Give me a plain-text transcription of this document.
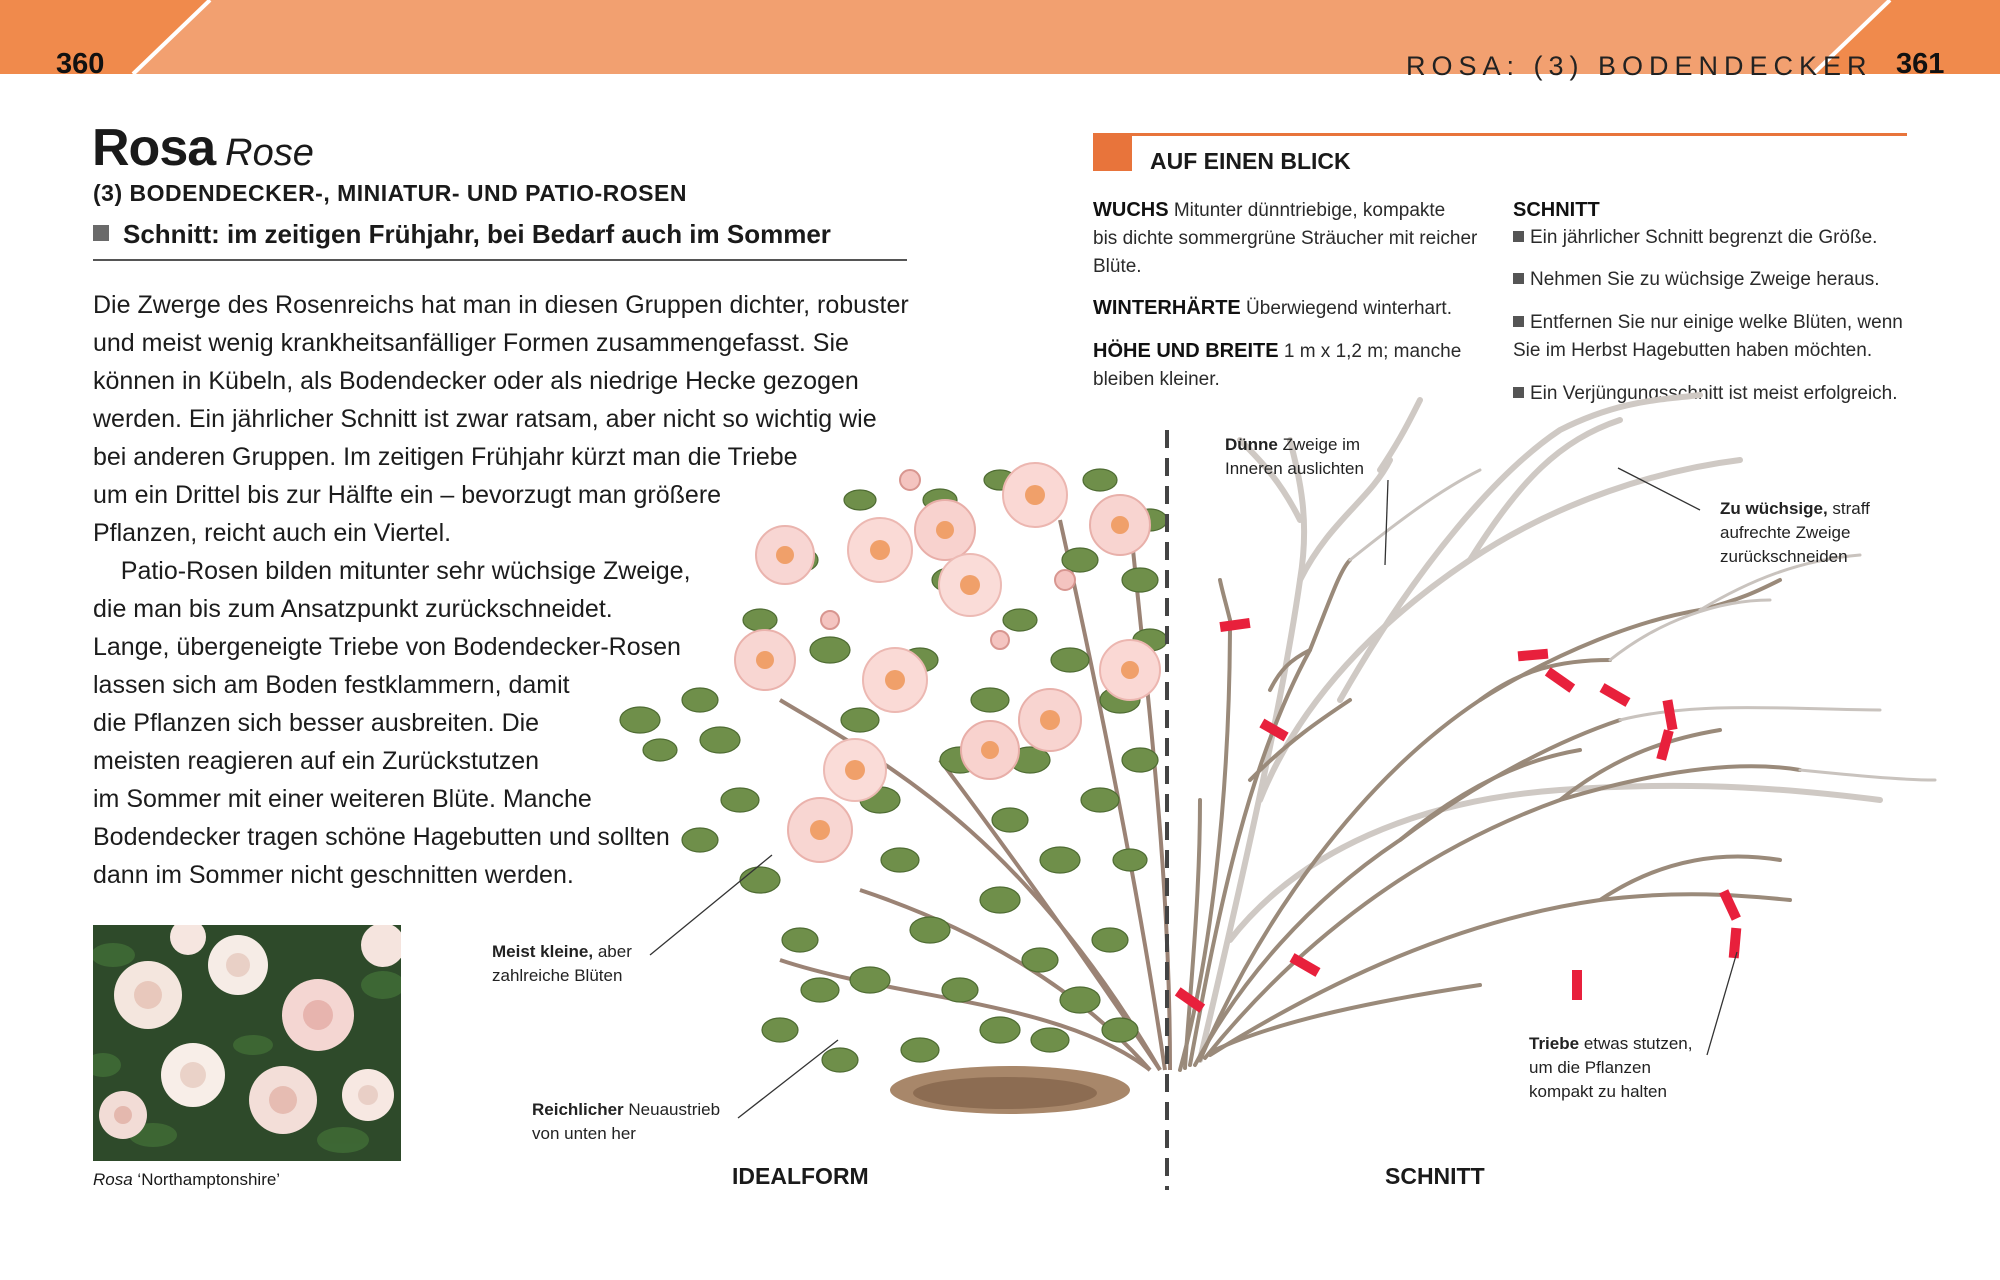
360	ROSA: (3) BODENDECKER 361
Rosa Rose
(3) BODENDECKER-, MINIATUR- UND PATIO-ROSEN
Schnitt: im zeitigen Frühjahr, bei Bedarf auch im Sommer
Die Zwerge des Rosenreichs hat man in diesen Gruppen dichter, robuster
und meist wenig krankheitsanfälliger Formen zusammengefasst. Sie
können in Kübeln, als Bodendecker oder als niedrige Hecke gezogen
werden. Ein jährlicher Schnitt ist zwar ratsam, aber nicht so wichtig wie
bei anderen Gruppen. Im zeitigen Frühjahr kürzt man die Triebe
um ein Drittel bis zur Hälfte ein – bevorzugt man größere
Pflanzen, reicht auch ein Viertel.
Patio-Rosen bilden mitunter sehr wüchsige Zweige,
die man bis zum Ansatzpunkt zurückschneidet.
Lange, übergeneigte Triebe von Bodendecker-Rosen
lassen sich am Boden festklammern, damit
die Pflanzen sich besser ausbreiten. Die
meisten reagieren auf ein Zurückstutzen
im Sommer mit einer weiteren Blüte. Manche
Bodendecker tragen schöne Hagebutten und sollten
dann im Sommer nicht geschnitten werden.
Rosa ‘Northamptonshire’
AUF EINEN BLICK
WUCHS Mitunter dünntriebige, kompakte
bis dichte sommergrüne Sträucher mit reicher
Blüte.
WINTERHÄRTE Überwiegend winterhart.
HÖHE UND BREITE 1 m x 1,2 m; manche
bleiben kleiner.
SCHNITT
Ein jährlicher Schnitt begrenzt die Größe.
Nehmen Sie zu wüchsige Zweige heraus.
Entfernen Sie nur einige welke Blüten, wenn
Sie im Herbst Hagebutten haben möchten.
Ein Verjüngungsschnitt ist meist erfolgreich.
Meist kleine, aber
zahlreiche Blüten
Reichlicher Neuaustrieb
von unten her
Dünne Zweige im
Inneren auslichten
Zu wüchsige, straff
aufrechte Zweige
zurückschneiden
Triebe etwas stutzen,
um die Pflanzen
kompakt zu halten
IDEALFORM	SCHNITT
